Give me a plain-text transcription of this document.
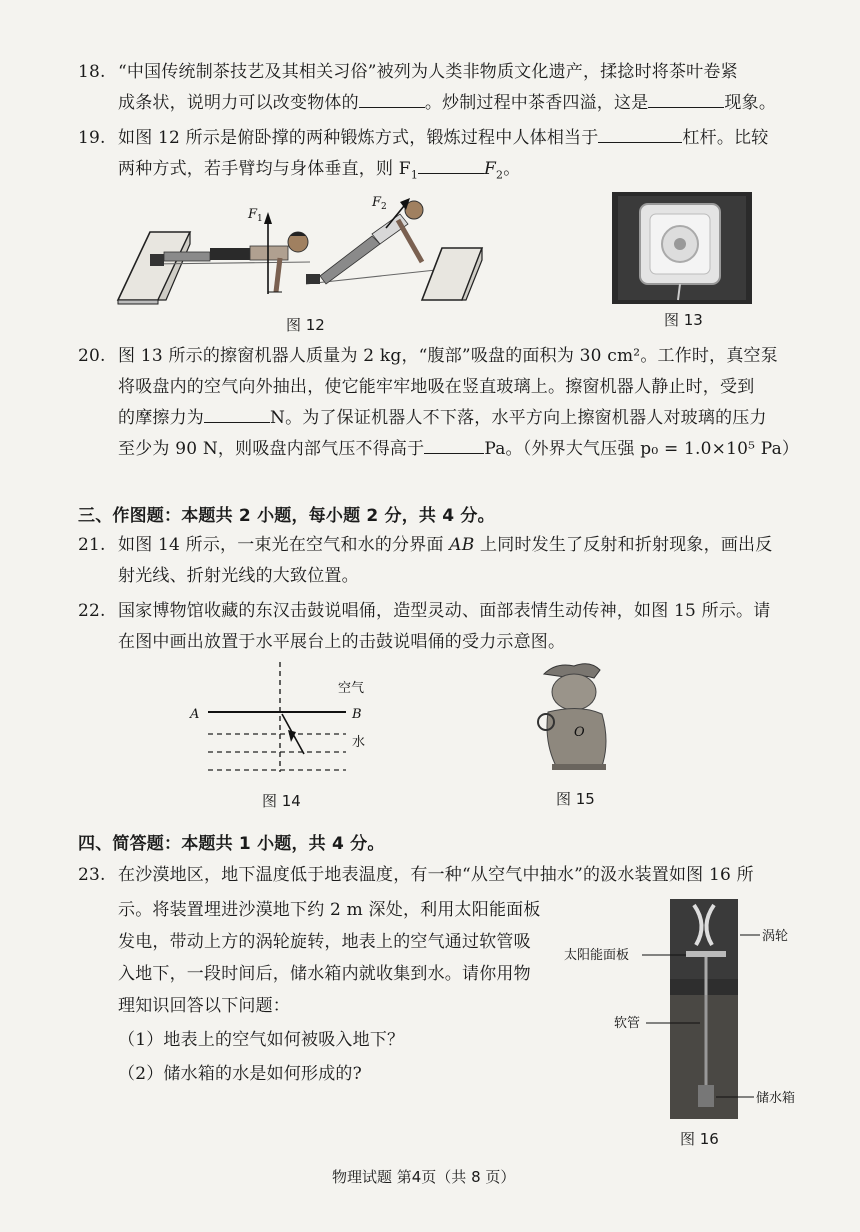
18. “中国传统制茶技艺及其相关习俗”被列为人类非物质文化遗产，揉捻时将茶叶卷紧
成条状，说明力可以改变物体的	。炒制过程中茶香四溢，这是	现象。
19. 如图 12 所示是俯卧撑的两种锻炼方式，锻炼过程中人体相当于	杠杆。比较
两种方式，若手臂均与身体垂直，则 $F_1$	$F_2$。
F 1
F 2
图 12	图 13
20. 图 13 所示的擦窗机器人质量为 2 kg，“腹部”吸盘的面积为 30 cm²。工作时，真空泵
将吸盘内的空气向外抽出，使它能牢牢地吸在竖直玻璃上。擦窗机器人静止时，受到
的摩擦力为	N。为了保证机器人不下落，水平方向上擦窗机器人对玻璃的压力
至少为 90 N，则吸盘内部气压不得高于	Pa。（外界大气压强 p₀ = 1.0×10⁵ Pa）
三、作图题：本题共 2 小题，每小题 2 分，共 4 分。
21. 如图 14 所示，一束光在空气和水的分界面 AB 上同时发生了反射和折射现象，画出反
射光线、折射光线的大致位置。
22. 国家博物馆收藏的东汉击鼓说唱俑，造型灵动、面部表情生动传神，如图 15 所示。请
在图中画出放置于水平展台上的击鼓说唱俑的受力示意图。
A	B
空气
水
图 14
O
图 15
四、简答题：本题共 1 小题，共 4 分。
23. 在沙漠地区，地下温度低于地表温度，有一种“从空气中抽水”的汲水装置如图 16 所
示。将装置埋进沙漠地下约 2 m 深处，利用太阳能面板
发电，带动上方的涡轮旋转，地表上的空气通过软管吸
入地下，一段时间后，储水箱内就收集到水。请你用物
理知识回答以下问题：
（1）地表上的空气如何被吸入地下？
（2）储水箱的水是如何形成的?
涡轮
太阳能面板
软管
储水箱
图 16
物理试题 第4页（共 8 页）
